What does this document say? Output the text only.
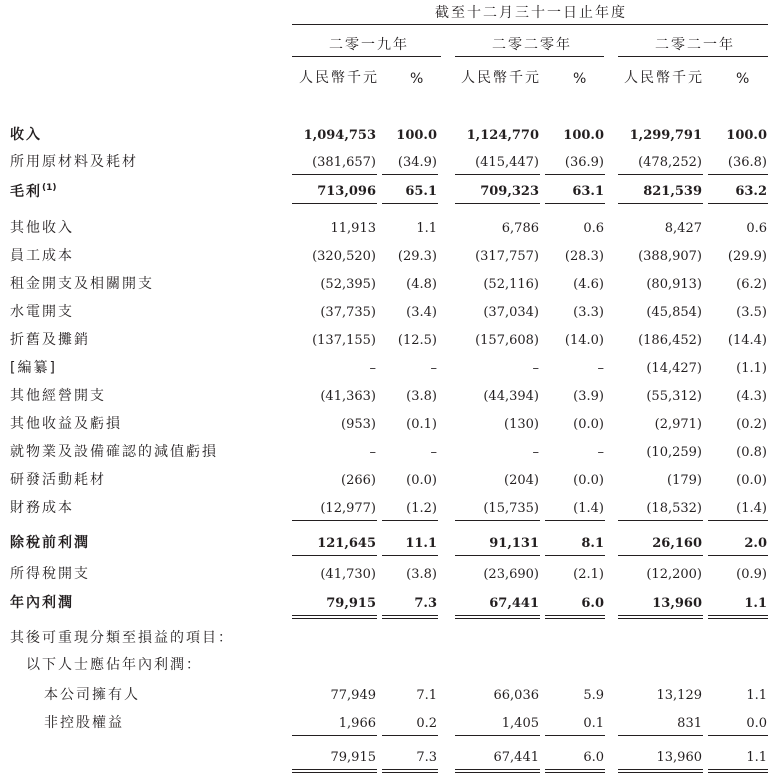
截至十二月三十一日止年度
二零一九年	二零二零年	二零二一年
人民幣千元 %	人民幣千元 %	人民幣千元 %
收入	1,094,753	100.0	1,124,770	100.0	1,299,791	100.0
所用原材料及耗材	(381,657)	(34.9)	(415,447)	(36.9)	(478,252)	(36.8)
毛利$^{(1)}$	713,096	65.1	709,323	63.1	821,539	63.2
其他收入	11,913	1.1	6,786	0.6	8,427	0.6
員工成本	(320,520)	(29.3)	(317,757)	(28.3)	(388,907)	(29.9)
租金開支及相關開支	(52,395)	(4.8)	(52,116)	(4.6)	(80,913)	(6.2)
水電開支	(37,735)	(3.4)	(37,034)	(3.3)	(45,854)	(3.5)
折舊及攤銷	(137,155)	(12.5)	(157,608)	(14.0)	(186,452)	(14.4)
[編纂]	–	–	–	–	(14,427)	(1.1)
其他經營開支	(41,363)	(3.8)	(44,394)	(3.9)	(55,312)	(4.3)
其他收益及虧損	(953)	(0.1)	(130)	(0.0)	(2,971)	(0.2)
就物業及設備確認的減值虧損	–	–	–	–	(10,259)	(0.8)
研發活動耗材	(266)	(0.0)	(204)	(0.0)	(179)	(0.0)
財務成本	(12,977)	(1.2)	(15,735)	(1.4)	(18,532)	(1.4)
除稅前利潤	121,645	11.1	91,131	8.1	26,160	2.0
所得稅開支	(41,730)	(3.8)	(23,690)	(2.1)	(12,200)	(0.9)
年內利潤	79,915	7.3	67,441	6.0	13,960	1.1
其後可重現分類至損益的項目：
以下人士應佔年內利潤：
本公司擁有人	77,949	7.1	66,036	5.9	13,129	1.1
非控股權益	1,966	0.2	1,405	0.1	831	0.0
79,915	7.3	67,441	6.0	13,960	1.1
